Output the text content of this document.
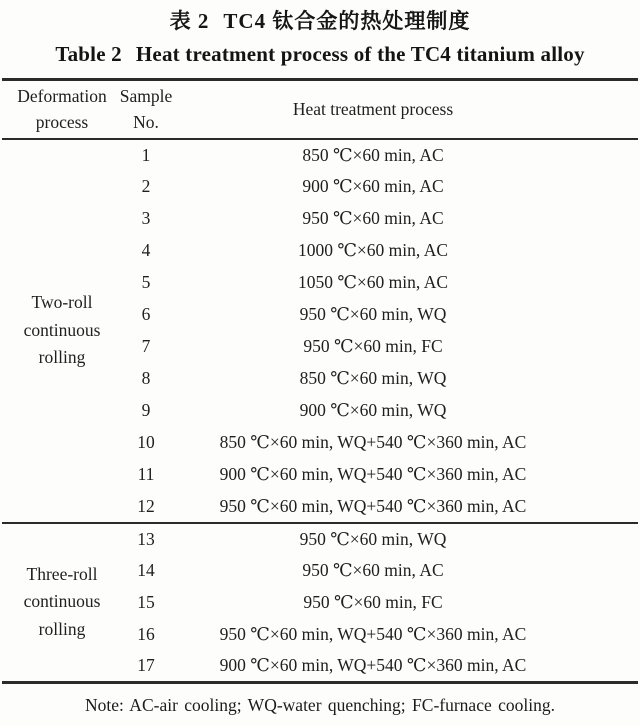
表 2 TC4 钛合金的热处理制度
Table 2 Heat treatment process of the TC4 titanium alloy
Deformation process	Sample No.	Heat treatment process
Two-roll continuous rolling	1	850 ℃×60 min, AC
	2	900 ℃×60 min, AC
	3	950 ℃×60 min, AC
	4	1000 ℃×60 min, AC
	5	1050 ℃×60 min, AC
	6	950 ℃×60 min, WQ
	7	950 ℃×60 min, FC
	8	850 ℃×60 min, WQ
	9	900 ℃×60 min, WQ
	10	850 ℃×60 min, WQ+540 ℃×360 min, AC
	11	900 ℃×60 min, WQ+540 ℃×360 min, AC
	12	950 ℃×60 min, WQ+540 ℃×360 min, AC
Three-roll continuous rolling	13	950 ℃×60 min, WQ
	14	950 ℃×60 min, AC
	15	950 ℃×60 min, FC
	16	950 ℃×60 min, WQ+540 ℃×360 min, AC
	17	900 ℃×60 min, WQ+540 ℃×360 min, AC
Note: AC-air cooling; WQ-water quenching; FC-furnace cooling.
